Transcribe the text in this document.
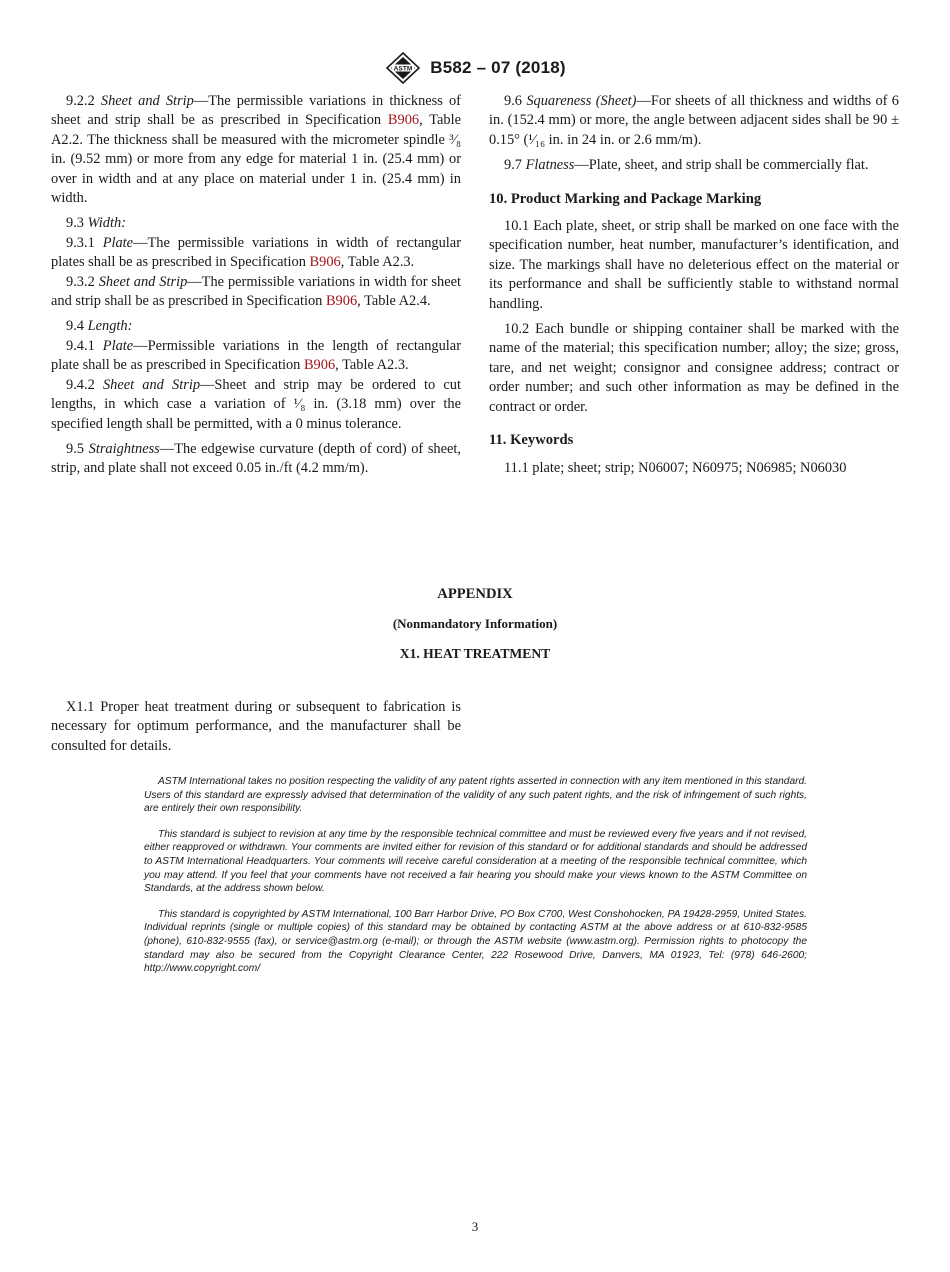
ASTM B582 – 07 (2018)

9.2.2 Sheet and Strip—The permissible variations in thickness of sheet and strip shall be as prescribed in Specification B906, Table A2.2. The thickness shall be measured with the micrometer spindle ³⁄₈ in. (9.52 mm) or more from any edge for material 1 in. (25.4 mm) or over in width and at any place on material under 1 in. (25.4 mm) in width.

9.3 Width:

9.3.1 Plate—The permissible variations in width of rectangular plates shall be as prescribed in Specification B906, Table A2.3.

9.3.2 Sheet and Strip—The permissible variations in width for sheet and strip shall be as prescribed in Specification B906, Table A2.4.

9.4 Length:

9.4.1 Plate—Permissible variations in the length of rectangular plate shall be as prescribed in Specification B906, Table A2.3.

9.4.2 Sheet and Strip—Sheet and strip may be ordered to cut lengths, in which case a variation of ¹⁄₈ in. (3.18 mm) over the specified length shall be permitted, with a 0 minus tolerance.

9.5 Straightness—The edgewise curvature (depth of cord) of sheet, strip, and plate shall not exceed 0.05 in./ft (4.2 mm/m).

9.6 Squareness (Sheet)—For sheets of all thickness and widths of 6 in. (152.4 mm) or more, the angle between adjacent sides shall be 90 ± 0.15° (¹⁄₁₆ in. in 24 in. or 2.6 mm/m).

9.7 Flatness—Plate, sheet, and strip shall be commercially flat.

10. Product Marking and Package Marking

10.1 Each plate, sheet, or strip shall be marked on one face with the specification number, heat number, manufacturer’s identification, and size. The markings shall have no deleterious effect on the material or its performance and shall be sufficiently stable to withstand normal handling.

10.2 Each bundle or shipping container shall be marked with the name of the material; this specification number; alloy; the size; gross, tare, and net weight; consignor and consignee address; contract or order number; and such other information as may be defined in the contract or order.

11. Keywords

11.1 plate; sheet; strip; N06007; N60975; N06985; N06030

APPENDIX

(Nonmandatory Information)

X1. HEAT TREATMENT

X1.1 Proper heat treatment during or subsequent to fabrication is necessary for optimum performance, and the manufacturer shall be consulted for details.

ASTM International takes no position respecting the validity of any patent rights asserted in connection with any item mentioned in this standard. Users of this standard are expressly advised that determination of the validity of any such patent rights, and the risk of infringement of such rights, are entirely their own responsibility.

This standard is subject to revision at any time by the responsible technical committee and must be reviewed every five years and if not revised, either reapproved or withdrawn. Your comments are invited either for revision of this standard or for additional standards and should be addressed to ASTM International Headquarters. Your comments will receive careful consideration at a meeting of the responsible technical committee, which you may attend. If you feel that your comments have not received a fair hearing you should make your views known to the ASTM Committee on Standards, at the address shown below.

This standard is copyrighted by ASTM International, 100 Barr Harbor Drive, PO Box C700, West Conshohocken, PA 19428-2959, United States. Individual reprints (single or multiple copies) of this standard may be obtained by contacting ASTM at the above address or at 610-832-9585 (phone), 610-832-9555 (fax), or service@astm.org (e-mail); or through the ASTM website (www.astm.org). Permission rights to photocopy the standard may also be secured from the Copyright Clearance Center, 222 Rosewood Drive, Danvers, MA 01923, Tel: (978) 646-2600; http://www.copyright.com/

3
